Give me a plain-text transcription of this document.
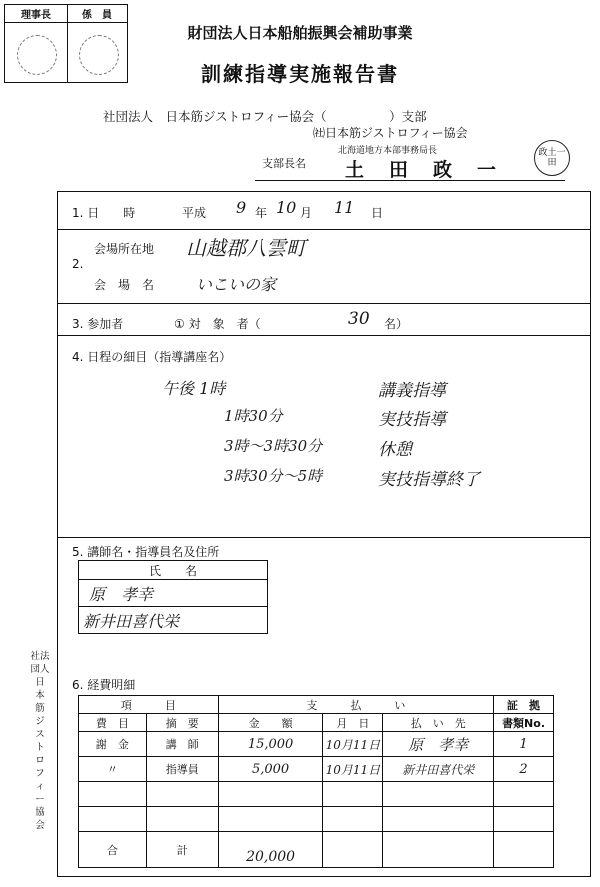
理事長	係　員
財団法人日本船舶振興会補助事業
訓練指導実施報告書
社団法人　日本筋ジストロフィー協会（　　　　　）支部
㈳日本筋ジストロフィー協会
北海道地方本部事務局長
支部長名 土　田　政　一
政土一田
1. 日　　時	平成 9 年 10 月 11 日
2.
会場所在地 山越郡八雲町
会　場　名	いこいの家
3. 参加者	① 対　象　者（	30 名）
4. 日程の細目（指導講座名）
午後 1時	講義指導
1時30分	実技指導
3時〜3時30分	休憩
3時30分〜5時	実技指導終了
5. 講師名・指導員名及住所
氏　　名
原　孝幸
新井田喜代栄
6. 経費明細
項　　　目		支　　　払　　　い			証　拠
費　目	摘　要	金　　額	月　日	払　い　先	書類No.
謝　金	講　師	15,000	10月11日	原　孝幸	1
〃	指導員	5,000	10月11日	新井田喜代栄	2

合	計	20,000			
社法
団人
日
本
筋
ジ
ス
ト
ロ
フ
ィ
ー
協
会
